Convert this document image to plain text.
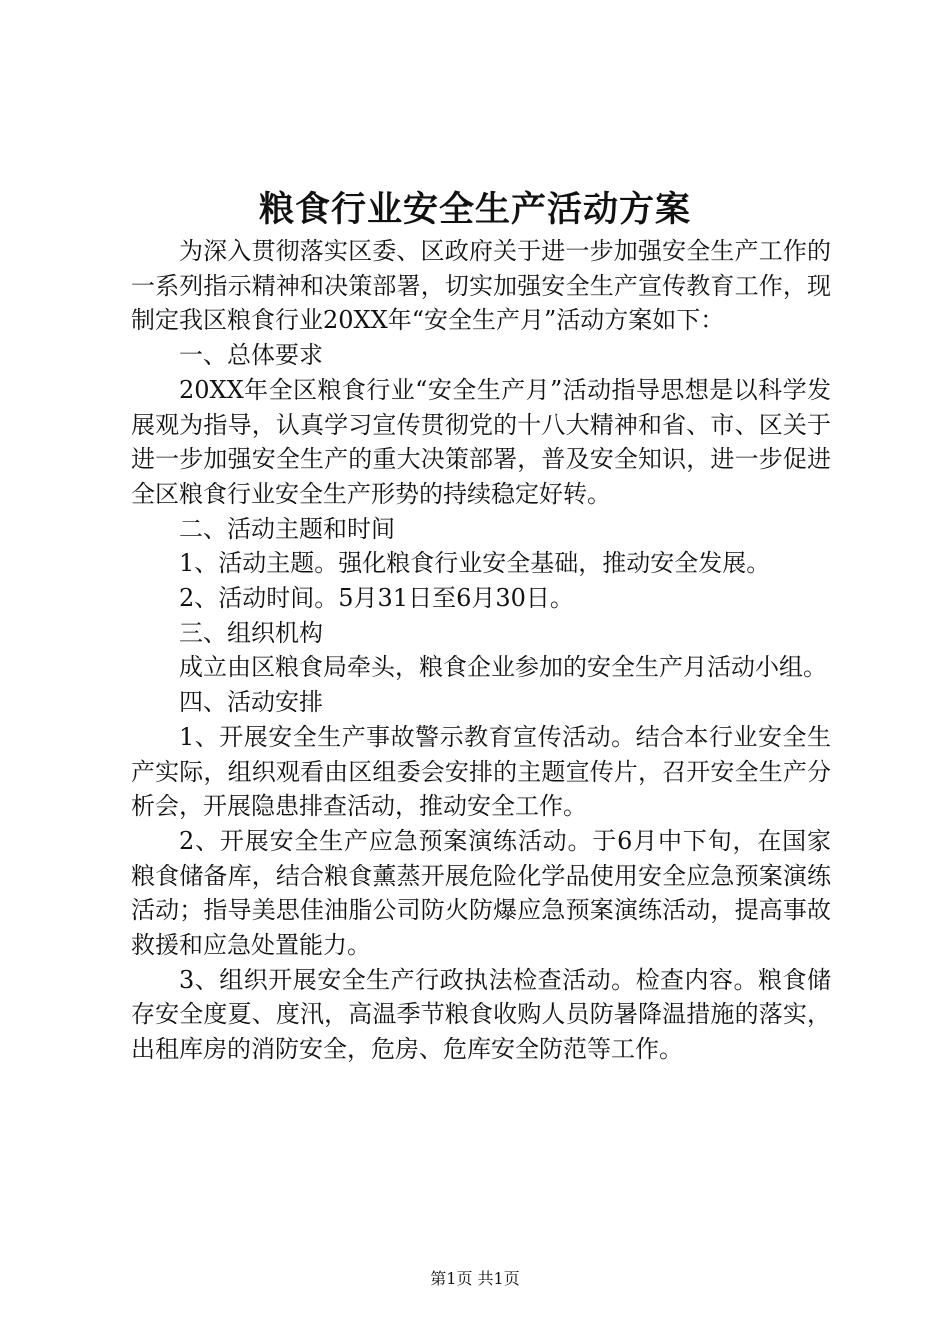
粮食行业安全生产活动方案

为深入贯彻落实区委、区政府关于进一步加强安全生产工作的一系列指示精神和决策部署，切实加强安全生产宣传教育工作，现制定我区粮食行业20XX年“安全生产月”活动方案如下：

一、总体要求

20XX年全区粮食行业“安全生产月”活动指导思想是以科学发展观为指导，认真学习宣传贯彻党的十八大精神和省、市、区关于进一步加强安全生产的重大决策部署，普及安全知识，进一步促进全区粮食行业安全生产形势的持续稳定好转。

二、活动主题和时间

1、活动主题。强化粮食行业安全基础，推动安全发展。

2、活动时间。5月31日至6月30日。

三、组织机构

成立由区粮食局牵头，粮食企业参加的安全生产月活动小组。

四、活动安排

1、开展安全生产事故警示教育宣传活动。结合本行业安全生产实际，组织观看由区组委会安排的主题宣传片，召开安全生产分析会，开展隐患排查活动，推动安全工作。

2、开展安全生产应急预案演练活动。于6月中下旬，在国家粮食储备库，结合粮食薰蒸开展危险化学品使用安全应急预案演练活动；指导美思佳油脂公司防火防爆应急预案演练活动，提高事故救援和应急处置能力。

3、组织开展安全生产行政执法检查活动。检查内容。粮食储存安全度夏、度汛，高温季节粮食收购人员防暑降温措施的落实，出租库房的消防安全，危房、危库安全防范等工作。

第1页 共1页
